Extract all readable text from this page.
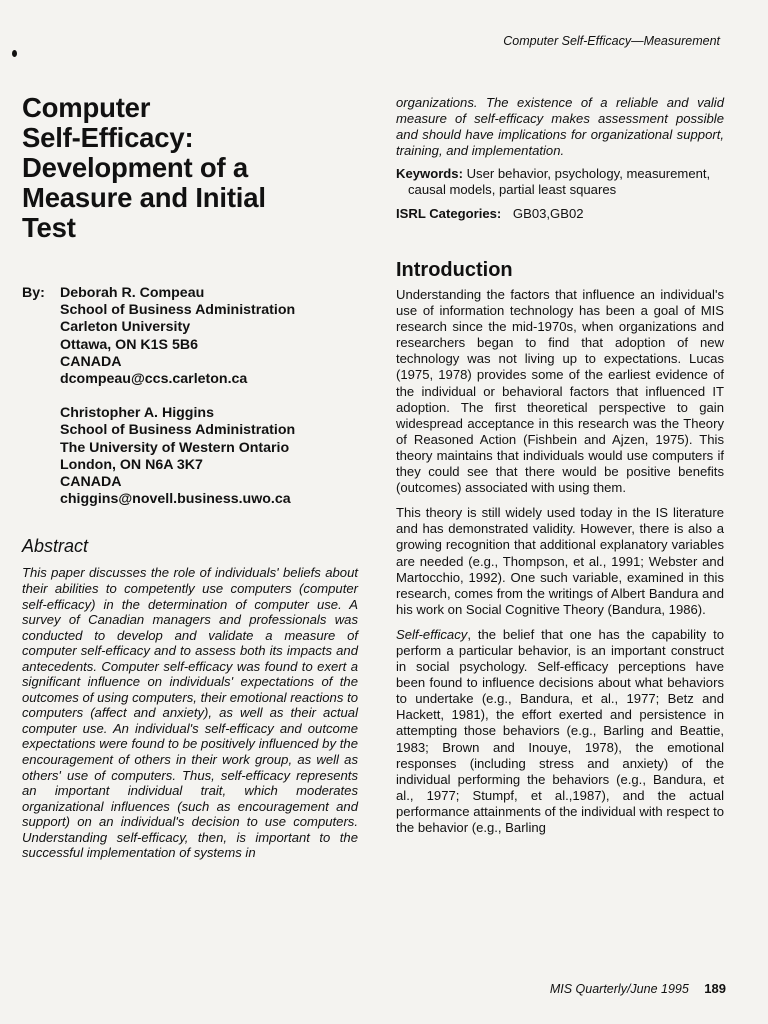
Computer Self-Efficacy—Measurement
Computer
Self-Efficacy:
Development of a
Measure and Initial
Test
By:	Deborah R. Compeau
School of Business Administration
Carleton University
Ottawa, ON K1S 5B6
CANADA
dcompeau@ccs.carleton.ca
Christopher A. Higgins
School of Business Administration
The University of Western Ontario
London, ON N6A 3K7
CANADA
chiggins@novell.business.uwo.ca
Abstract

This paper discusses the role of individuals' beliefs about their abilities to competently use computers (computer self-efficacy) in the determination of computer use. A survey of Canadian managers and professionals was conducted to develop and validate a measure of computer self-efficacy and to assess both its impacts and antecedents. Computer self-efficacy was found to exert a significant influence on individuals' expectations of the outcomes of using computers, their emotional reactions to computers (affect and anxiety), as well as their actual computer use. An individual's self-efficacy and outcome expectations were found to be positively influenced by the encouragement of others in their work group, as well as others' use of computers. Thus, self-efficacy represents an important individual trait, which moderates organizational influences (such as encouragement and support) on an individual's decision to use computers. Understanding self-efficacy, then, is important to the successful implementation of systems in

organizations. The existence of a reliable and valid measure of self-efficacy makes assessment possible and should have implications for organizational support, training, and implementation.

Keywords: User behavior, psychology, measurement, causal models, partial least squares
ISRL Categories: GB03,GB02
Introduction

Understanding the factors that influence an individual's use of information technology has been a goal of MIS research since the mid-1970s, when organizations and researchers began to find that adoption of new technology was not living up to expectations. Lucas (1975, 1978) provides some of the earliest evidence of the individual or behavioral factors that influenced IT adoption. The first theoretical perspective to gain widespread acceptance in this research was the Theory of Reasoned Action (Fishbein and Ajzen, 1975). This theory maintains that individuals would use computers if they could see that there would be positive benefits (outcomes) associated with using them.

This theory is still widely used today in the IS literature and has demonstrated validity. However, there is also a growing recognition that additional explanatory variables are needed (e.g., Thompson, et al., 1991; Webster and Martocchio, 1992). One such variable, examined in this research, comes from the writings of Albert Bandura and his work on Social Cognitive Theory (Bandura, 1986).

Self-efficacy, the belief that one has the capability to perform a particular behavior, is an important construct in social psychology. Self-efficacy perceptions have been found to influence decisions about what behaviors to undertake (e.g., Bandura, et al., 1977; Betz and Hackett, 1981), the effort exerted and persistence in attempting those behaviors (e.g., Barling and Beattie, 1983; Brown and Inouye, 1978), the emotional responses (including stress and anxiety) of the individual performing the behaviors (e.g., Bandura, et al., 1977; Stumpf, et al.,1987), and the actual performance attainments of the individual with respect to the behavior (e.g., Barling

MIS Quarterly/June 1995 189
